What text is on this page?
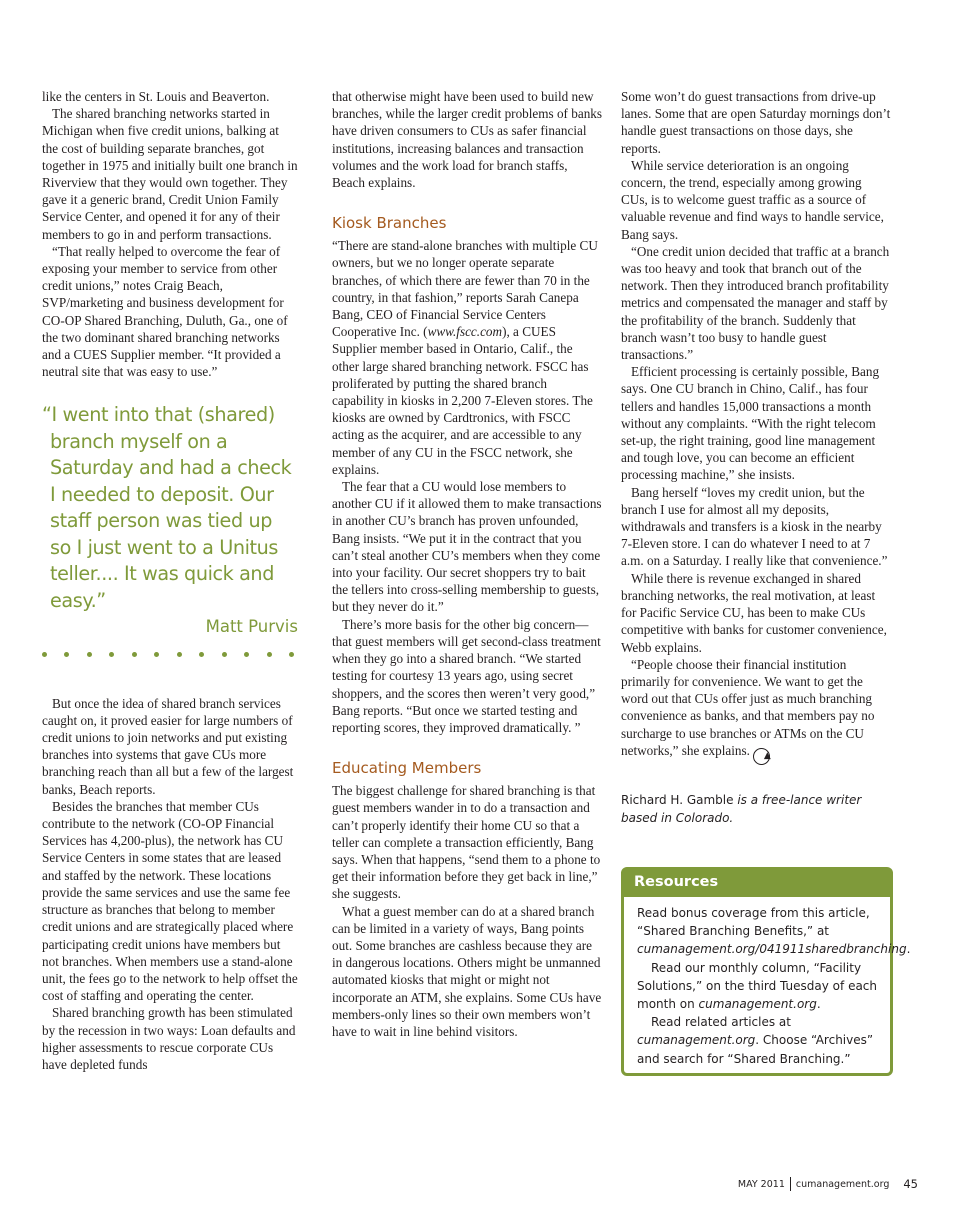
like the centers in St. Louis and Beaverton.

The shared branching networks started in Michigan when five credit unions, balking at the cost of building separate branches, got together in 1975 and initially built one branch in Riverview that they would own together. They gave it a generic brand, Credit Union Family Service Center, and opened it for any of their members to go in and perform transactions.

“That really helped to overcome the fear of exposing your member to service from other credit unions,” notes Craig Beach, SVP/marketing and business development for CO-OP Shared Branching, Duluth, Ga., one of the two dominant shared branching networks and a CUES Supplier member. “It provided a neutral site that was easy to use.”

“I went into that (shared) branch myself on a Saturday and had a check I needed to deposit. Our staff person was tied up so I just went to a Unitus teller.... It was quick and easy.”
Matt Purvis

But once the idea of shared branch services caught on, it proved easier for large numbers of credit unions to join networks and put existing branches into systems that gave CUs more branching reach than all but a few of the largest banks, Beach reports.

Besides the branches that member CUs contribute to the network (CO-OP Financial Services has 4,200-plus), the network has CU Service Centers in some states that are leased and staffed by the network. These locations provide the same services and use the same fee structure as branches that belong to member credit unions and are strategically placed where participating credit unions have members but not branches. When members use a stand-alone unit, the fees go to the network to help offset the cost of staffing and operating the center.

Shared branching growth has been stimulated by the recession in two ways: Loan defaults and higher assessments to rescue corporate CUs have depleted funds

that otherwise might have been used to build new branches, while the larger credit problems of banks have driven consumers to CUs as safer financial institutions, increasing balances and transaction volumes and the work load for branch staffs, Beach explains.

Kiosk Branches

“There are stand-alone branches with multiple CU owners, but we no longer operate separate branches, of which there are fewer than 70 in the country, in that fashion,” reports Sarah Canepa Bang, CEO of Financial Service Centers Cooperative Inc. (www.fscc.com), a CUES Supplier member based in Ontario, Calif., the other large shared branching network. FSCC has proliferated by putting the shared branch capability in kiosks in 2,200 7-Eleven stores. The kiosks are owned by Cardtronics, with FSCC acting as the acquirer, and are accessible to any member of any CU in the FSCC network, she explains.

The fear that a CU would lose members to another CU if it allowed them to make transactions in another CU’s branch has proven unfounded, Bang insists. “We put it in the contract that you can’t steal another CU’s members when they come into your facility. Our secret shoppers try to bait the tellers into cross-selling membership to guests, but they never do it.”

There’s more basis for the other big concern—that guest members will get second-class treatment when they go into a shared branch. “We started testing for courtesy 13 years ago, using secret shoppers, and the scores then weren’t very good,” Bang reports. “But once we started testing and reporting scores, they improved dramatically. ”

Educating Members

The biggest challenge for shared branching is that guest members wander in to do a transaction and can’t properly identify their home CU so that a teller can complete a transaction efficiently, Bang says. When that happens, “send them to a phone to get their information before they get back in line,” she suggests.

What a guest member can do at a shared branch can be limited in a variety of ways, Bang points out. Some branches are cashless because they are in dangerous locations. Others might be unmanned automated kiosks that might or might not incorporate an ATM, she explains. Some CUs have members-only lines so their own members won’t have to wait in line behind visitors.

Some won’t do guest transactions from drive-up lanes. Some that are open Saturday mornings don’t handle guest transactions on those days, she reports.

While service deterioration is an ongoing concern, the trend, especially among growing CUs, is to welcome guest traffic as a source of valuable revenue and find ways to handle service, Bang says.

“One credit union decided that traffic at a branch was too heavy and took that branch out of the network. Then they introduced branch profitability metrics and compensated the manager and staff by the profitability of the branch. Suddenly that branch wasn’t too busy to handle guest transactions.”

Efficient processing is certainly possible, Bang says. One CU branch in Chino, Calif., has four tellers and handles 15,000 transactions a month without any complaints. “With the right telecom set-up, the right training, good line management and tough love, you can become an efficient processing machine,” she insists.

Bang herself “loves my credit union, but the branch I use for almost all my deposits, withdrawals and transfers is a kiosk in the nearby 7-Eleven store. I can do whatever I need to at 7 a.m. on a Saturday. I really like that convenience.”

While there is revenue exchanged in shared branching networks, the real motivation, at least for Pacific Service CU, has been to make CUs competitive with banks for customer convenience, Webb explains.

“People choose their financial institution primarily for convenience. We want to get the word out that CUs offer just as much branching convenience as banks, and that members pay no surcharge to use branches or ATMs on the CU networks,” she explains. ▲

Richard H. Gamble is a free-lance writer based in Colorado.
Resources

Read bonus coverage from this article, “Shared Branching Benefits,” at cumanagement.org/041911sharedbranching.

Read our monthly column, “Facility Solutions,” on the third Tuesday of each month on cumanagement.org.

Read related articles at cumanagement.org. Choose “Archives” and search for “Shared Branching.”

MAY 2011 cumanagement.org 45
